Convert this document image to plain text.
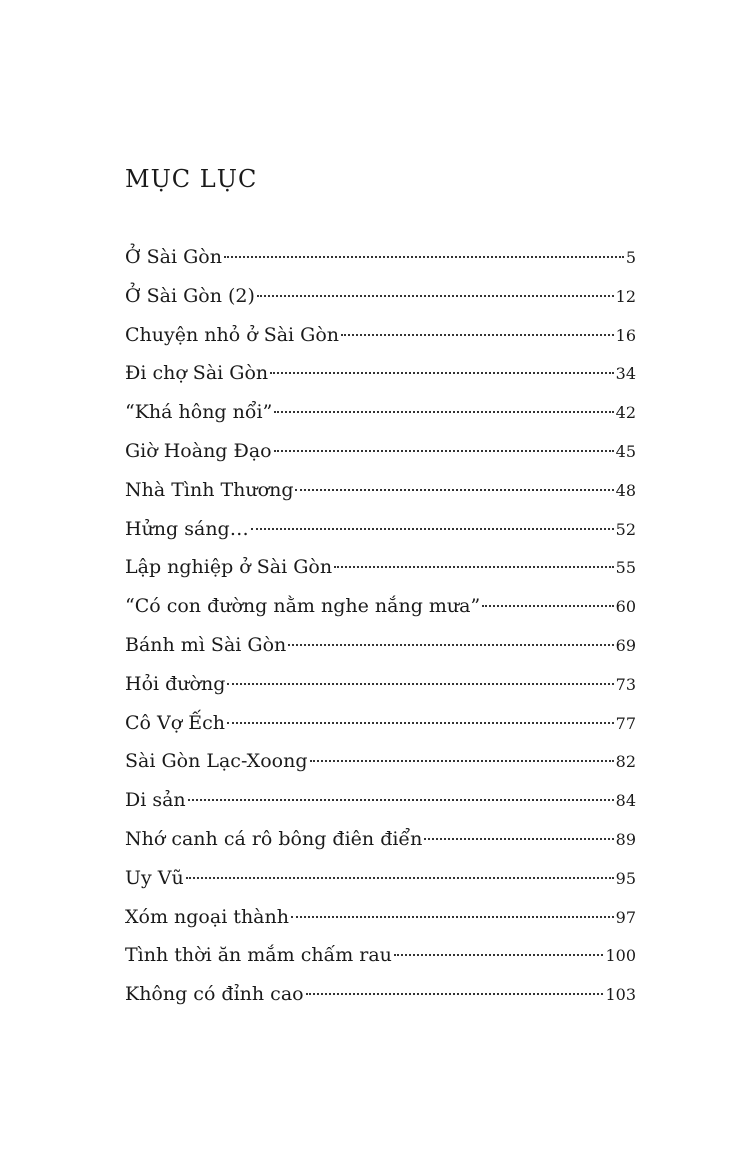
MỤC LỤC
Ở Sài Gòn	5
Ở Sài Gòn (2)	12
Chuyện nhỏ ở Sài Gòn	16
Đi chợ Sài Gòn	34
“Khá hông nổi”	42
Giờ Hoàng Đạo	45
Nhà Tình Thương	48
Hửng sáng…	52
Lập nghiệp ở Sài Gòn	55
“Có con đường nằm nghe nắng mưa”	60
Bánh mì Sài Gòn	69
Hỏi đường	73
Cô Vợ Ếch	77
Sài Gòn Lạc-Xoong	82
Di sản	84
Nhớ canh cá rô bông điên điển	89
Uy Vũ	95
Xóm ngoại thành	97
Tình thời ăn mắm chấm rau	100
Không có đỉnh cao	103
